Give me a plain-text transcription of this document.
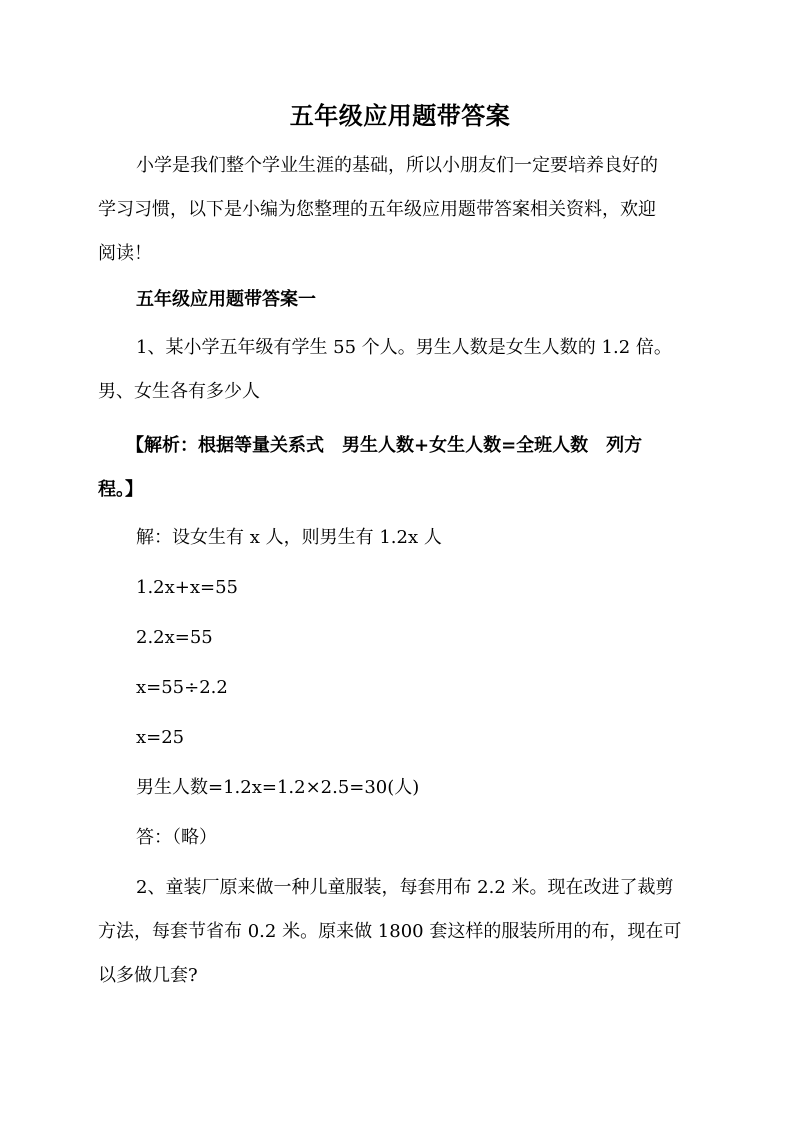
五年级应用题带答案
小学是我们整个学业生涯的基础，所以小朋友们一定要培养良好的
学习习惯，以下是小编为您整理的五年级应用题带答案相关资料，欢迎
阅读！
五年级应用题带答案一
1、某小学五年级有学生 55 个人。男生人数是女生人数的 1.2 倍。
男、女生各有多少人
【解析：根据等量关系式　男生人数+女生人数=全班人数　列方
程。】
解：设女生有 x 人，则男生有 1.2x 人
1.2x+x=55
2.2x=55
x=55÷2.2
x=25
男生人数=1.2x=1.2×2.5=30(人)
答：（略）
2、童装厂原来做一种儿童服装，每套用布 2.2 米。现在改进了裁剪
方法，每套节省布 0.2 米。原来做 1800 套这样的服装所用的布，现在可
以多做几套?
